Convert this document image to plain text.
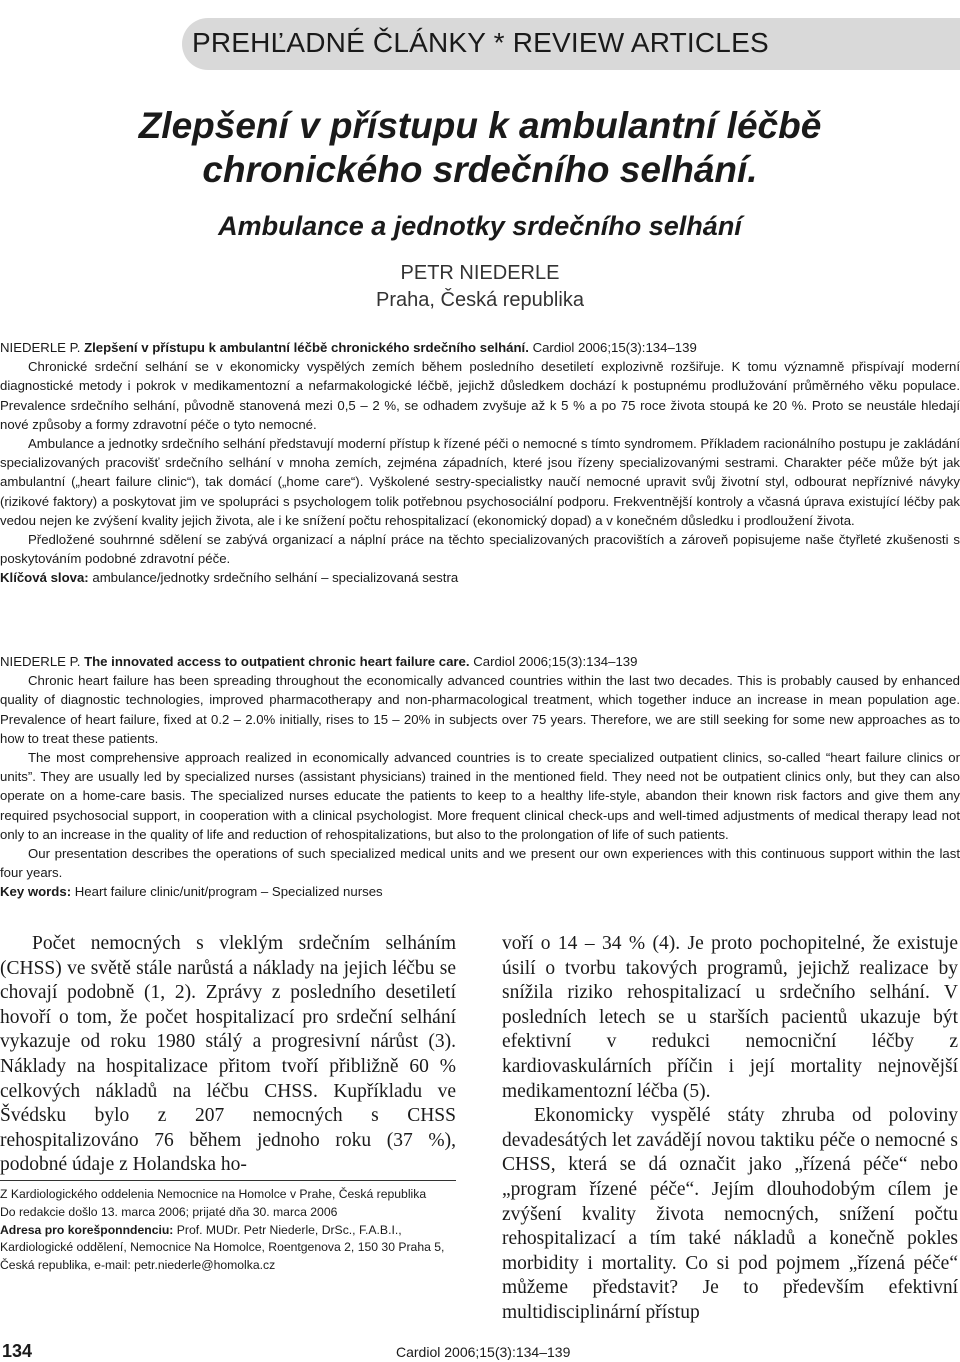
PREHĽADNÉ ČLÁNKY * REVIEW ARTICLES
Zlepšení v přístupu k ambulantní léčbě
chronického srdečního selhání.
Ambulance a jednotky srdečního selhání
PETR NIEDERLE
Praha, Česká republika

NIEDERLE P. Zlepšení v přístupu k ambulantní léčbě chronického srdečního selhání. Cardiol 2006;15(3):134–139

Chronické srdeční selhání se v ekonomicky vyspělých zemích během posledního desetiletí explozivně rozšiřuje. K tomu významně přispívají moderní diagnostické metody i pokrok v medikamentozní a nefarmakologické léčbě, jejichž důsledkem dochází k postupnému prodlužování průměrného věku populace. Prevalence srdečního selhání, původně stanovená mezi 0,5 – 2 %, se odhadem zvyšuje až k 5 % a po 75 roce života stoupá ke 20 %. Proto se neustále hledají nové způsoby a formy zdravotní péče o tyto nemocné.

Ambulance a jednotky srdečního selhání představují moderní přístup k řízené péči o nemocné s tímto syndromem. Příkladem racionálního postupu je zakládání specializovaných pracovišť srdečního selhání v mnoha zemích, zejména západních, které jsou řízeny specializovanými sestrami. Charakter péče může být jak ambulantní („heart failure clinic“), tak domácí („home care“). Vyškolené sestry-specialistky naučí nemocné upravit svůj životní styl, odbourat nepříznivé návyky (rizikové faktory) a poskytovat jim ve spolupráci s psychologem tolik potřebnou psychosociální podporu. Frekventnější kontroly a včasná úprava existující léčby pak vedou nejen ke zvýšení kvality jejich života, ale i ke snížení počtu rehospitalizací (ekonomický dopad) a v konečném důsledku i prodloužení života.

Předložené souhrnné sdělení se zabývá organizací a náplní práce na těchto specializovaných pracovištích a zároveň popisujeme naše čtyřleté zkušenosti s poskytováním podobné zdravotní péče.

Klíčová slova: ambulance/jednotky srdečního selhání – specializovaná sestra

NIEDERLE P. The innovated access to outpatient chronic heart failure care. Cardiol 2006;15(3):134–139

Chronic heart failure has been spreading throughout the economically advanced countries within the last two decades. This is probably caused by enhanced quality of diagnostic technologies, improved pharmacotherapy and non-pharmacological treatment, which together induce an increase in mean population age. Prevalence of heart failure, fixed at 0.2 – 2.0% initially, rises to 15 – 20% in subjects over 75 years. Therefore, we are still seeking for some new approaches as to how to treat these patients.

The most comprehensive approach realized in economically advanced countries is to create specialized outpatient clinics, so-called “heart failure clinics or units”. They are usually led by specialized nurses (assistant physicians) trained in the mentioned field. They need not be outpatient clinics only, but they can also operate on a home-care basis. The specialized nurses educate the patients to keep to a healthy life-style, abandon their known risk factors and give them any required psychosocial support, in cooperation with a clinical psychologist. More frequent clinical check-ups and well-timed adjustments of medical therapy lead not only to an increase in the quality of life and reduction of rehospitalizations, but also to the prolongation of life of such patients.

Our presentation describes the operations of such specialized medical units and we present our own experiences with this continuous support within the last four years.

Key words: Heart failure clinic/unit/program – Specialized nurses

Počet nemocných s vleklým srdečním selháním (CHSS) ve světě stále narůstá a náklady na jejich léčbu se chovají podobně (1, 2). Zprávy z posledního desetiletí hovoří o tom, že počet hospitalizací pro srdeční selhání vykazuje od roku 1980 stálý a progresivní nárůst (3). Náklady na hospitalizace přitom tvoří přibližně 60 % celkových nákladů na léčbu CHSS. Kupříkladu ve Švédsku bylo z 207 nemocných s CHSS rehospitalizováno 76 během jednoho roku (37 %), podobné údaje z Holandska ho-

voří o 14 – 34 % (4). Je proto pochopitelné, že existuje úsilí o tvorbu takových programů, jejichž realizace by snížila riziko rehospitalizací u srdečního selhání. V posledních letech se u starších pacientů ukazuje být efektivní v redukci nemocniční léčby z kardiovaskulárních příčin i její mortality nejnovější medikamentozní léčba (5).

Ekonomicky vyspělé státy zhruba od poloviny devadesátých let zavádějí novou taktiku péče o nemocné s CHSS, která se dá označit jako „řízená péče“ nebo „program řízené péče“. Jejím dlouhodobým cílem je zvýšení kvality života nemocných, snížení počtu rehospitalizací a tím také nákladů a konečně pokles morbidity i mortality. Co si pod pojmem „řízená péče“ můžeme představit? Je to především efektivní multidisciplinární přístup

Z Kardiologického oddelenia Nemocnice na Homolce v Prahe, Česká republika

Do redakcie došlo 13. marca 2006; prijaté dňa 30. marca 2006

Adresa pro korešponndenciu: Prof. MUDr. Petr Niederle, DrSc., F.A.B.I., Kardiologické oddělení, Nemocnice Na Homolce, Roentgenova 2, 150 30 Praha 5, Česká republika, e-mail: petr.niederle@homolka.cz

134	Cardiol 2006;15(3):134–139
